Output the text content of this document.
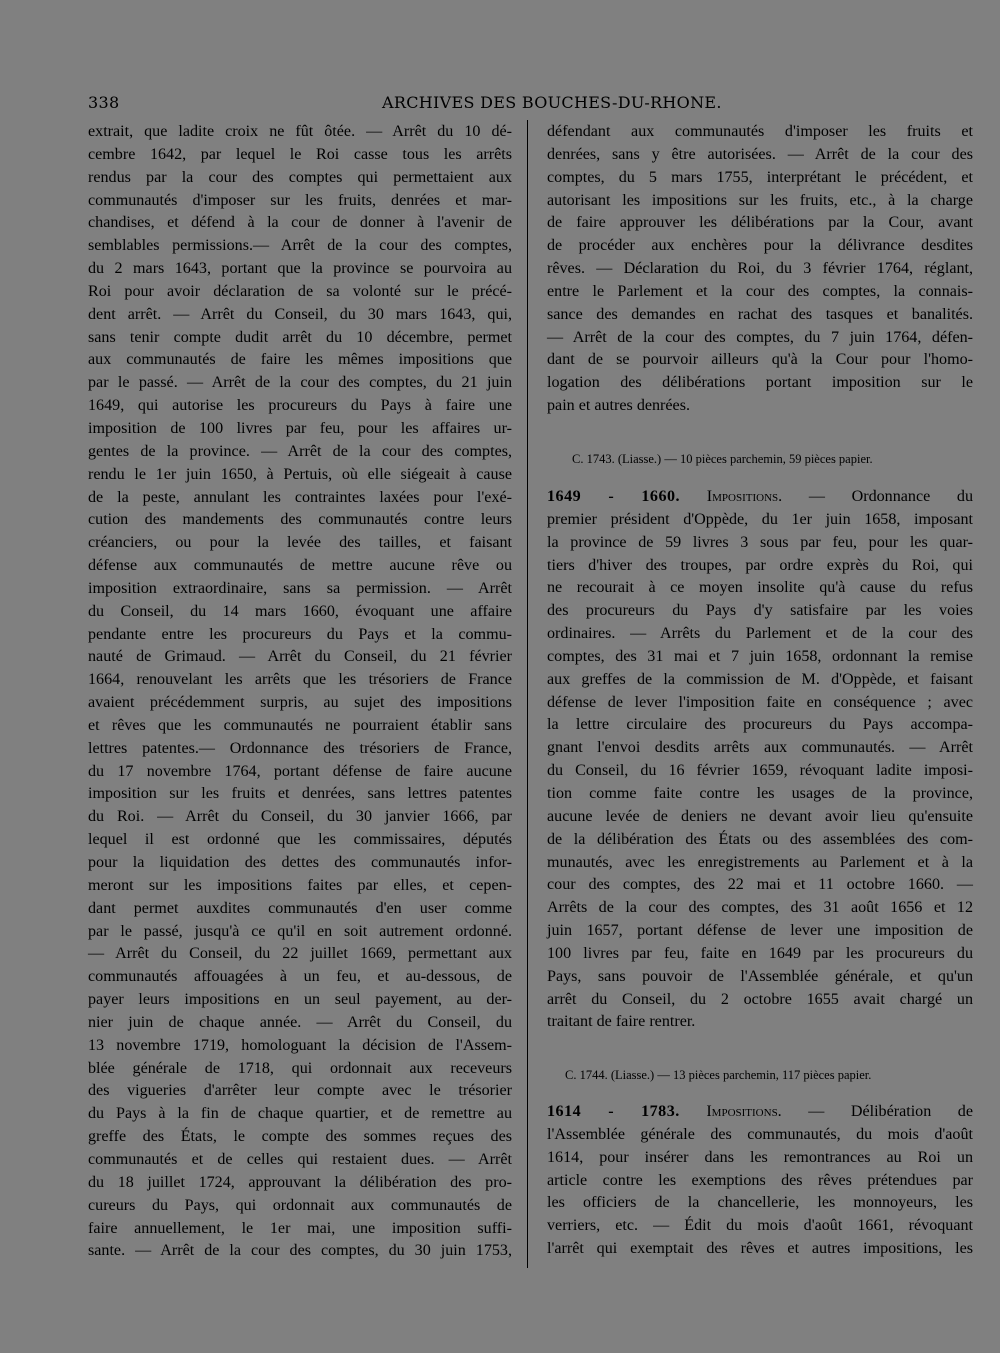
338	ARCHIVES DES BOUCHES-DU-RHONE.

extrait, que ladite croix ne fût ôtée. — Arrêt du 10 dé-
cembre 1642, par lequel le Roi casse tous les arrêts
rendus par la cour des comptes qui permettaient aux
communautés d'imposer sur les fruits, denrées et mar-
chandises, et défend à la cour de donner à l'avenir de
semblables permissions.— Arrêt de la cour des comptes,
du 2 mars 1643, portant que la province se pourvoira au
Roi pour avoir déclaration de sa volonté sur le précé-
dent arrêt. — Arrêt du Conseil, du 30 mars 1643, qui,
sans tenir compte dudit arrêt du 10 décembre, permet
aux communautés de faire les mêmes impositions que
par le passé. — Arrêt de la cour des comptes, du 21 juin
1649, qui autorise les procureurs du Pays à faire une
imposition de 100 livres par feu, pour les affaires ur-
gentes de la province. — Arrêt de la cour des comptes,
rendu le 1er juin 1650, à Pertuis, où elle siégeait à cause
de la peste, annulant les contraintes laxées pour l'exé-
cution des mandements des communautés contre leurs
créanciers, ou pour la levée des tailles, et faisant
défense aux communautés de mettre aucune rêve ou
imposition extraordinaire, sans sa permission. — Arrêt
du Conseil, du 14 mars 1660, évoquant une affaire
pendante entre les procureurs du Pays et la commu-
nauté de Grimaud. — Arrêt du Conseil, du 21 février
1664, renouvelant les arrêts que les trésoriers de France
avaient précédemment surpris, au sujet des impositions
et rêves que les communautés ne pourraient établir sans
lettres patentes.— Ordonnance des trésoriers de France,
du 17 novembre 1764, portant défense de faire aucune
imposition sur les fruits et denrées, sans lettres patentes
du Roi. — Arrêt du Conseil, du 30 janvier 1666, par
lequel il est ordonné que les commissaires, députés
pour la liquidation des dettes des communautés infor-
meront sur les impositions faites par elles, et cepen-
dant permet auxdites communautés d'en user comme
par le passé, jusqu'à ce qu'il en soit autrement ordonné.
— Arrêt du Conseil, du 22 juillet 1669, permettant aux
communautés affouagées à un feu, et au-dessous, de
payer leurs impositions en un seul payement, au der-
nier juin de chaque année. — Arrêt du Conseil, du
13 novembre 1719, homologuant la décision de l'Assem-
blée générale de 1718, qui ordonnait aux receveurs
des vigueries d'arrêter leur compte avec le trésorier
du Pays à la fin de chaque quartier, et de remettre au
greffe des États, le compte des sommes reçues des
communautés et de celles qui restaient dues. — Arrêt
du 18 juillet 1724, approuvant la délibération des pro-
cureurs du Pays, qui ordonnait aux communautés de
faire annuellement, le 1er mai, une imposition suffi-
sante. — Arrêt de la cour des comptes, du 30 juin 1753,

défendant aux communautés d'imposer les fruits et
denrées, sans y être autorisées. — Arrêt de la cour des
comptes, du 5 mars 1755, interprétant le précédent, et
autorisant les impositions sur les fruits, etc., à la charge
de faire approuver les délibérations par la Cour, avant
de procéder aux enchères pour la délivrance desdites
rêves. — Déclaration du Roi, du 3 février 1764, réglant,
entre le Parlement et la cour des comptes, la connais-
sance des demandes en rachat des tasques et banalités.
— Arrêt de la cour des comptes, du 7 juin 1764, défen-
dant de se pourvoir ailleurs qu'à la Cour pour l'homo-
logation des délibérations portant imposition sur le
pain et autres denrées.

C. 1743. (Liasse.) — 10 pièces parchemin, 59 pièces papier.

1649 - 1660. Impositions. — Ordonnance du
premier président d'Oppède, du 1er juin 1658, imposant
la province de 59 livres 3 sous par feu, pour les quar-
tiers d'hiver des troupes, par ordre exprès du Roi, qui
ne recourait à ce moyen insolite qu'à cause du refus
des procureurs du Pays d'y satisfaire par les voies
ordinaires. — Arrêts du Parlement et de la cour des
comptes, des 31 mai et 7 juin 1658, ordonnant la remise
aux greffes de la commission de M. d'Oppède, et faisant
défense de lever l'imposition faite en conséquence ; avec
la lettre circulaire des procureurs du Pays accompa-
gnant l'envoi desdits arrêts aux communautés. — Arrêt
du Conseil, du 16 février 1659, révoquant ladite imposi-
tion comme faite contre les usages de la province,
aucune levée de deniers ne devant avoir lieu qu'ensuite
de la délibération des États ou des assemblées des com-
munautés, avec les enregistrements au Parlement et à la
cour des comptes, des 22 mai et 11 octobre 1660. —
Arrêts de la cour des comptes, des 31 août 1656 et 12
juin 1657, portant défense de lever une imposition de
100 livres par feu, faite en 1649 par les procureurs du
Pays, sans pouvoir de l'Assemblée générale, et qu'un
arrêt du Conseil, du 2 octobre 1655 avait chargé un
traitant de faire rentrer.

C. 1744. (Liasse.) — 13 pièces parchemin, 117 pièces papier.

1614 - 1783. Impositions. — Délibération de
l'Assemblée générale des communautés, du mois d'août
1614, pour insérer dans les remontrances au Roi un
article contre les exemptions des rêves prétendues par
les officiers de la chancellerie, les monnoyeurs, les
verriers, etc. — Édit du mois d'août 1661, révoquant
l'arrêt qui exemptait des rêves et autres impositions, les
